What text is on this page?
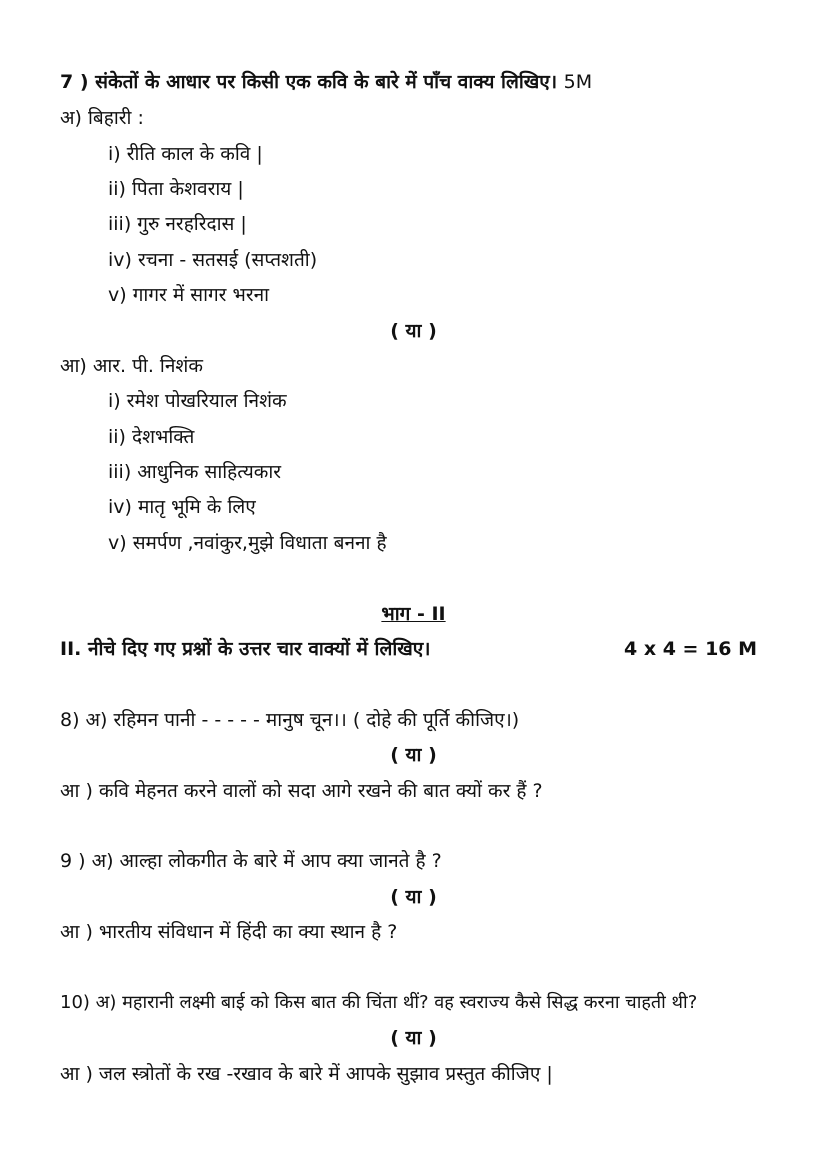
7 ) संकेतों के आधार पर किसी एक कवि के बारे में पाँच वाक्य लिखिए। 5M
अ) बिहारी :
i) रीति काल के कवि |
ii) पिता केशवराय |
iii) गुरु नरहरिदास |
iv) रचना - सतसई (सप्तशती)
v) गागर में सागर भरना
( या )
आ) आर. पी. निशंक
i) रमेश पोखरियाल निशंक
ii) देशभक्ति
iii) आधुनिक साहित्यकार
iv) मातृ भूमि के लिए
v) समर्पण ,नवांकुर,मुझे विधाता बनना है
भाग - II
II. नीचे दिए गए प्रश्नों के उत्तर चार वाक्यों में लिखिए।	4 x 4 = 16 M
8) अ) रहिमन पानी - - - - - मानुष चून।। ( दोहे की पूर्ति कीजिए।)
( या )
आ ) कवि मेहनत करने वालों को सदा आगे रखने की बात क्यों कर हैं ?
9 ) अ) आल्हा लोकगीत के बारे में आप क्या जानते है ?
( या )
आ ) भारतीय संविधान में हिंदी का क्या स्थान है ?
10) अ) महारानी लक्ष्मी बाई को किस बात की चिंता थीं? वह स्वराज्य कैसे सिद्ध करना चाहती थी?
( या )
आ ) जल स्त्रोतों के रख -रखाव के बारे में आपके सुझाव प्रस्तुत कीजिए |
